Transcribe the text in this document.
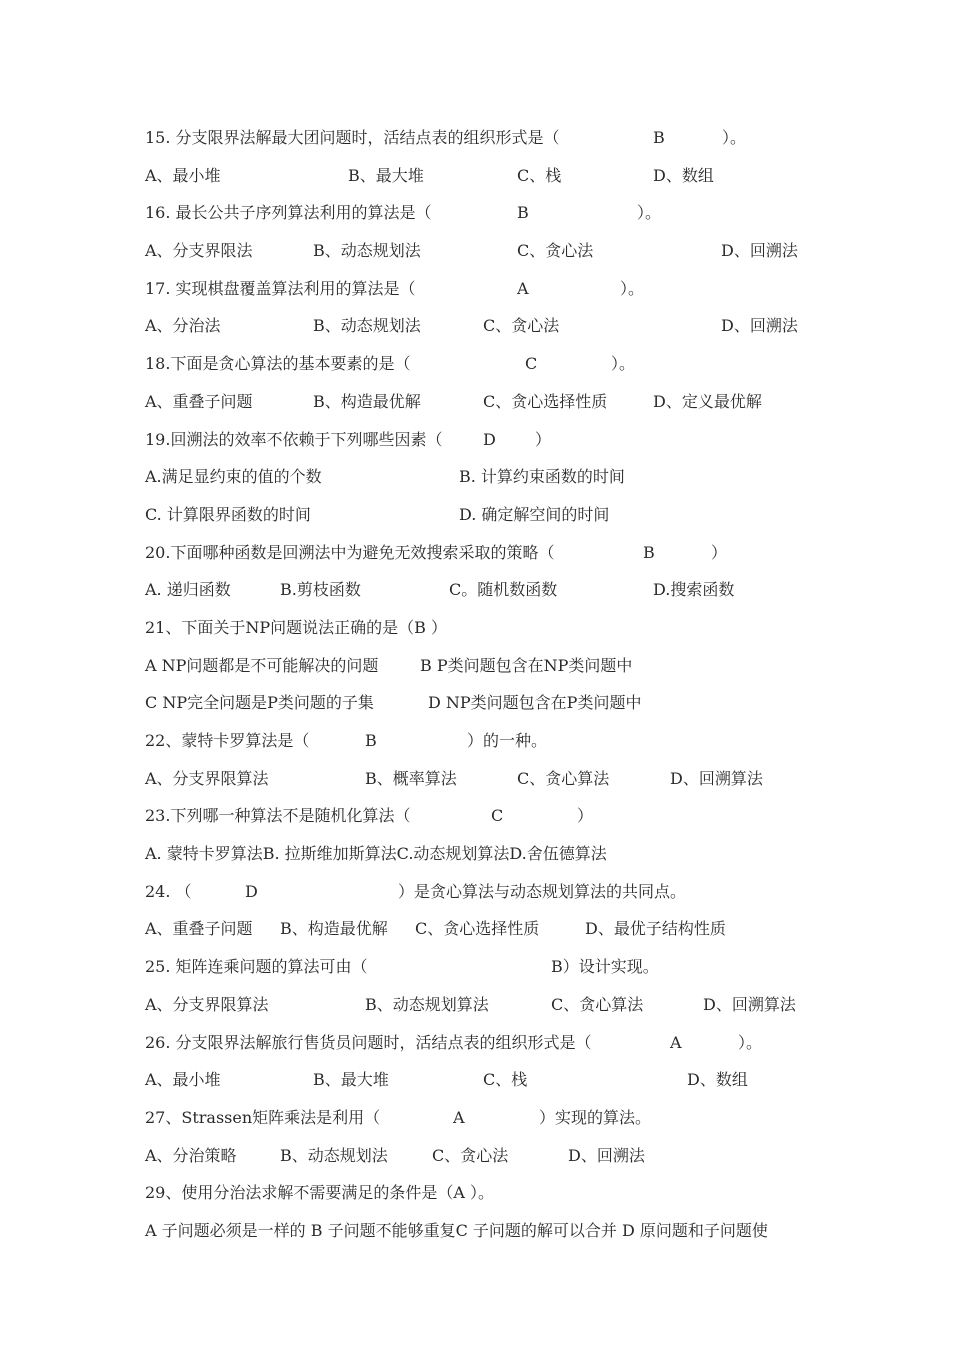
15. 分支限界法解最大团问题时，活结点表的组织形式是（	B	）。
A、最小堆	B、最大堆	C、栈	D、数组
16. 最长公共子序列算法利用的算法是（	B	）。
A、分支界限法	B、动态规划法	C、贪心法	D、回溯法
17. 实现棋盘覆盖算法利用的算法是（	A	）。
A、分治法	B、动态规划法	C、贪心法	D、回溯法
18.下面是贪心算法的基本要素的是（	C	）。
A、重叠子问题	B、构造最优解	C、贪心选择性质	D、定义最优解
19.回溯法的效率不依赖于下列哪些因素（	D ）
A.满足显约束的值的个数	B. 计算约束函数的时间
C. 计算限界函数的时间	D. 确定解空间的时间
20.下面哪种函数是回溯法中为避免无效搜索采取的策略（	B	）
A. 递归函数	B.剪枝函数	C。随机数函数	D.搜索函数
21、下面关于NP问题说法正确的是（B ）
A NP问题都是不可能解决的问题	B P类问题包含在NP类问题中
C NP完全问题是P类问题的子集	D NP类问题包含在P类问题中
22、蒙特卡罗算法是（	B	）的一种。
A、分支界限算法	B、概率算法	C、贪心算法	D、回溯算法
23.下列哪一种算法不是随机化算法（	C	）
A. 蒙特卡罗算法B. 拉斯维加斯算法C.动态规划算法D.舍伍德算法
24. （	D	）是贪心算法与动态规划算法的共同点。
A、重叠子问题 B、构造最优解 C、贪心选择性质	D、最优子结构性质
25. 矩阵连乘问题的算法可由（	B）设计实现。
A、分支界限算法	B、动态规划算法	C、贪心算法	D、回溯算法
26. 分支限界法解旅行售货员问题时，活结点表的组织形式是（	A	）。
A、最小堆	B、最大堆	C、栈	D、数组
27、Strassen矩阵乘法是利用（	A	）实现的算法。
A、分治策略	B、动态规划法	C、贪心法	D、回溯法
29、使用分治法求解不需要满足的条件是（A ）。
A 子问题必须是一样的 B 子问题不能够重复C 子问题的解可以合并 D 原问题和子问题使
